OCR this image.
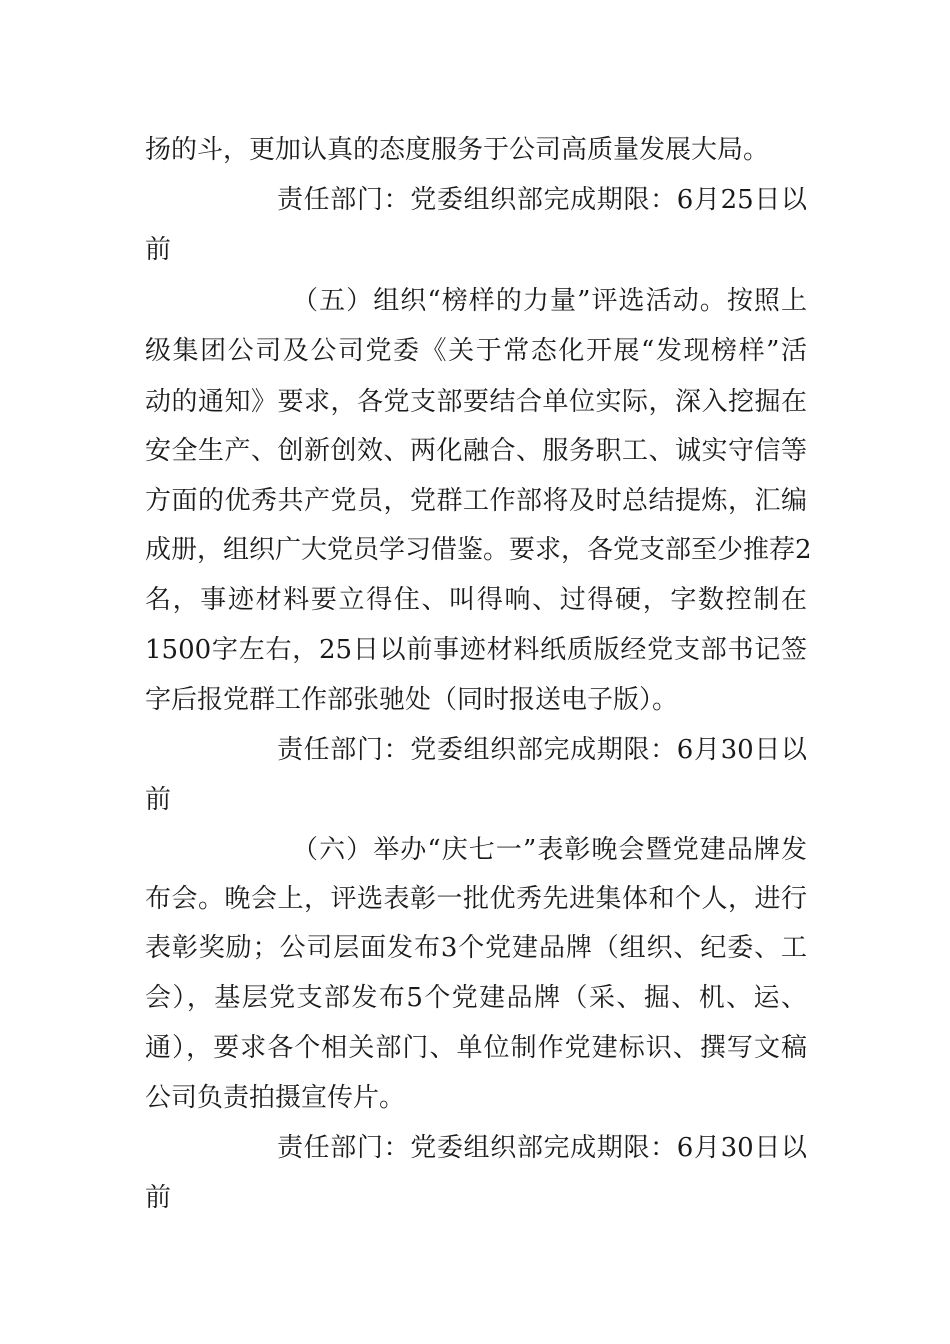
扬的斗，更加认真的态度服务于公司高质量发展大局。
责任部门：党委组织部完成期限：6月25日以
前
（五）组织“榜样的力量”评选活动。按照上
级集团公司及公司党委《关于常态化开展“发现榜样”活
动的通知》要求，各党支部要结合单位实际，深入挖掘在
安全生产、创新创效、两化融合、服务职工、诚实守信等
方面的优秀共产党员，党群工作部将及时总结提炼，汇编
成册，组织广大党员学习借鉴。要求，各党支部至少推荐2
名，事迹材料要立得住、叫得响、过得硬，字数控制在
1500字左右，25日以前事迹材料纸质版经党支部书记签
字后报党群工作部张驰处（同时报送电子版）。
责任部门：党委组织部完成期限：6月30日以
前
（六）举办“庆七一”表彰晚会暨党建品牌发
布会。晚会上，评选表彰一批优秀先进集体和个人，进行
表彰奖励；公司层面发布3个党建品牌（组织、纪委、工
会），基层党支部发布5个党建品牌（采、掘、机、运、
通），要求各个相关部门、单位制作党建标识、撰写文稿
公司负责拍摄宣传片。
责任部门：党委组织部完成期限：6月30日以
前
